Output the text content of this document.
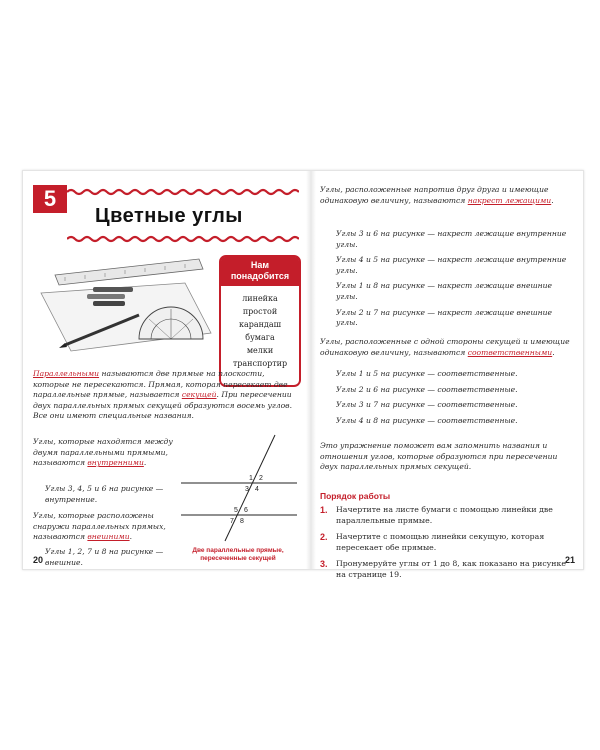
5
Цветные углы
Нам
понадобится
линейка
простой
карандаш
бумага
мелки
транспортир
Параллельными называются две прямые на плоскости, которые не пересекаются. Прямая, которая пересекает две параллельные прямые, называется секущей. При пересечении двух параллельных прямых секущей образуются восемь углов. Все они имеют специальные названия.
Углы, которые находятся между двумя параллельными прямыми, называются внутренними.
Углы 3, 4, 5 и 6 на рисунке — внутренние.
Углы, которые расположены снаружи параллельных прямых, называются внешними.
Углы 1, 2, 7 и 8 на рисунке — внешние.
1 2
3 4
5 6
7 8
Две параллельные прямые, пересеченные секущей
20
Углы, расположенные напротив друг друга и имеющие одинаковую величину, называются накрест лежащими.
Углы 3 и 6 на рисунке — накрест лежащие внутренние углы.
Углы 4 и 5 на рисунке — накрест лежащие внутренние углы.
Углы 1 и 8 на рисунке — накрест лежащие внешние углы.
Углы 2 и 7 на рисунке — накрест лежащие внешние углы.
Углы, расположенные с одной стороны секущей и имеющие одинаковую величину, называются соответственными.
Углы 1 и 5 на рисунке — соответственные.
Углы 2 и 6 на рисунке — соответственные.
Углы 3 и 7 на рисунке — соответственные.
Углы 4 и 8 на рисунке — соответственные.
Это упражнение поможет вам запомнить названия и отношения углов, которые образуются при пересечении двух параллельных прямых секущей.
Порядок работы
1.	Начертите на листе бумаги с помощью линейки две параллельные прямые.
2.	Начертите с помощью линейки секущую, которая пересекает обе прямые.
3.	Пронумеруйте углы от 1 до 8, как показано на рисунке на странице 19.
21
